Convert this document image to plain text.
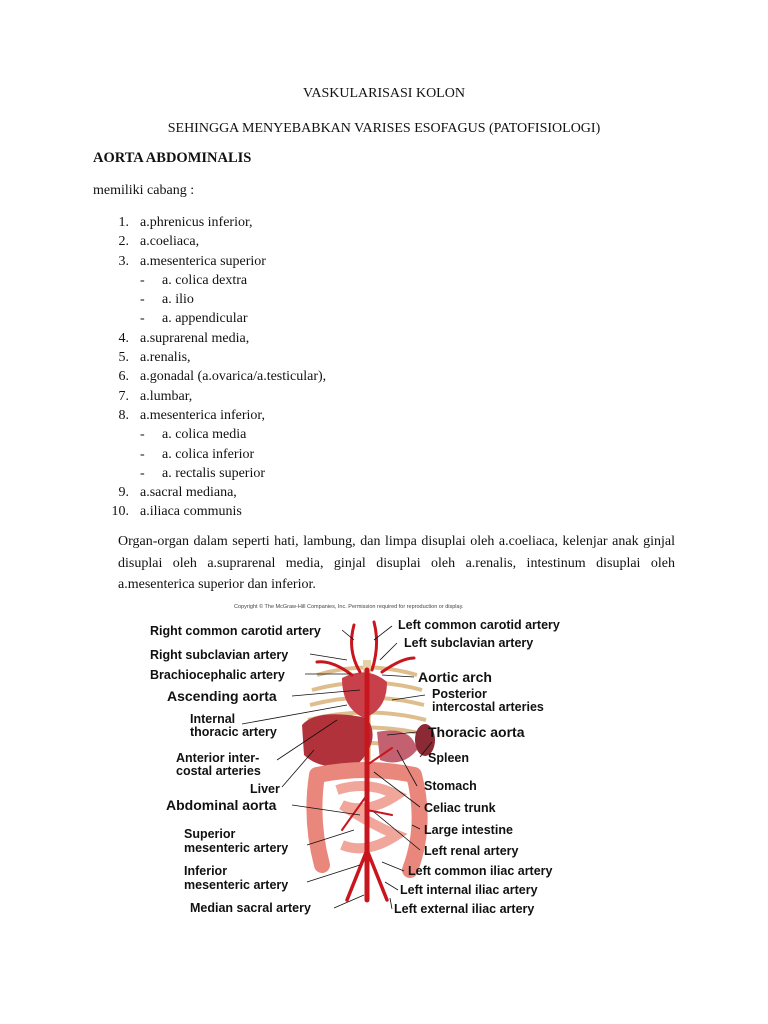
VASKULARISASI KOLON
SEHINGGA MENYEBABKAN VARISES ESOFAGUS (PATOFISIOLOGI)
AORTA ABDOMINALIS
memiliki cabang :
1. a.phrenicus inferior,
2. a.coeliaca,
3. a.mesenterica superior
- a. colica dextra
- a. ilio
- a. appendicular
4. a.suprarenal media,
5. a.renalis,
6. a.gonadal (a.ovarica/a.testicular),
7. a.lumbar,
8. a.mesenterica inferior,
- a. colica media
- a. colica inferior
- a. rectalis superior
9. a.sacral mediana,
10. a.iliaca communis

Organ-organ dalam seperti hati, lambung, dan limpa disuplai oleh a.coeliaca, kelenjar anak ginjal disuplai oleh a.suprarenal media, ginjal disuplai oleh a.renalis, intestinum disuplai oleh a.mesenterica superior dan inferior.

Copyright © The McGraw-Hill Companies, Inc. Permission required for reproduction or display.
Right common carotid artery
Right subclavian artery
Brachiocephalic artery
Ascending aorta
Internal
thoracic artery
Anterior inter-
costal arteries
Liver
Abdominal aorta
Superior
mesenteric artery
Inferior
mesenteric artery
Median sacral artery
Left common carotid artery
Left subclavian artery
Aortic arch
Posterior
intercostal arteries
Thoracic aorta
Spleen
Stomach
Celiac trunk
Large intestine
Left renal artery
Left common iliac artery
Left internal iliac artery
Left external iliac artery
